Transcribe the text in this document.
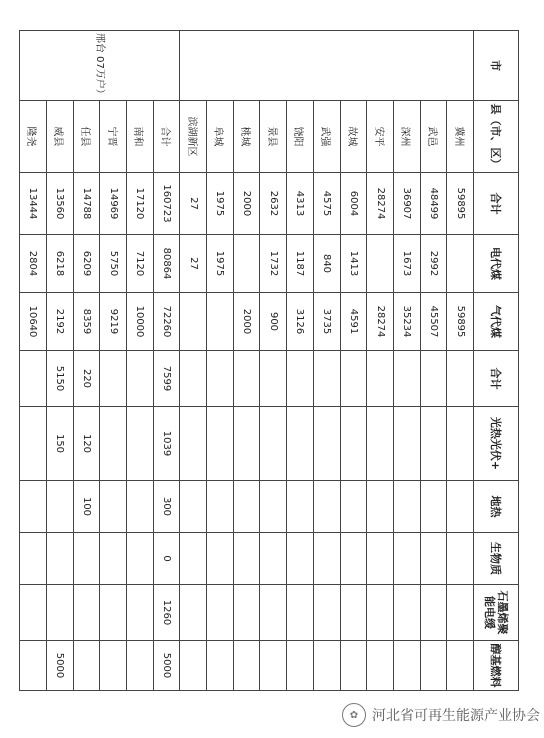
市	县（市、区）	合计	电代煤	气代煤	合计	光热光伏+	地热	生物质	石墨烯聚能电缓	醇基燃料
	冀州	59895		59895						
	武邑	48499	2992	45507						
	深州	36907	1673	35234						
	安平	28274		28274						
	故城	6004	1413	4591						
	武强	4575	840	3735						
	饶阳	4313	1187	3126						
	景县	2632	1732	900						
	桃城	2000		2000						
	阜城	1975	1975							
	滨湖新区	27	27							
邢台 07万户）	合计	160723	80864	72260	7599	1039	300	0	1260	5000
	南和	17120	7120	10000						
	宁晋	14969	5750	9219						
	任县	14788	6209	8359	220	120	100			
	威县	13560	6218	2192	5150	150				5000
	隆尧	13444	2804	10640						
✿ 河北省可再生能源产业协会
